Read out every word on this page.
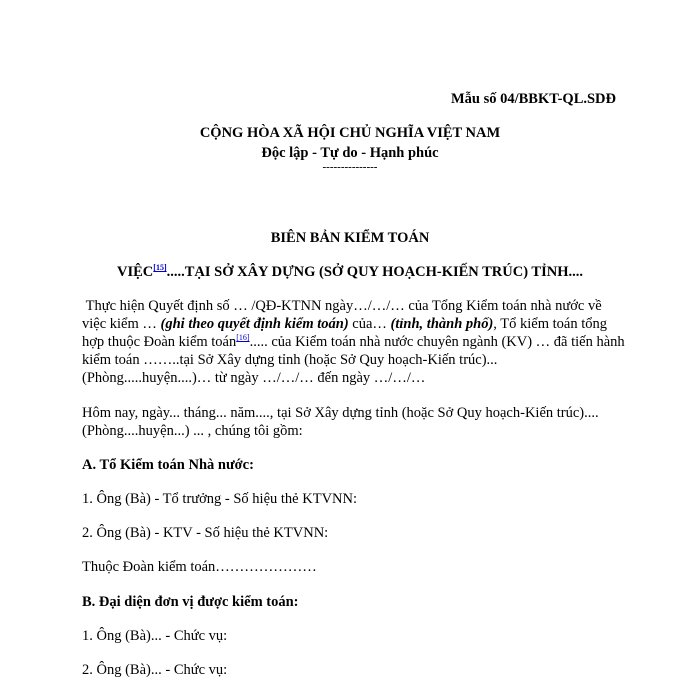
Mẫu số 04/BBKT-QL.SDĐ
CỘNG HÒA XÃ HỘI CHỦ NGHĨA VIỆT NAM
Độc lập - Tự do - Hạnh phúc
---------------
BIÊN BẢN KIỂM TOÁN
VIỆC[15].....TẠI SỞ XÂY DỰNG (SỞ QUY HOẠCH-KIẾN TRÚC) TỈNH....
Thực hiện Quyết định số … /QĐ-KTNN ngày…/…/… của Tổng Kiểm toán nhà nước về việc kiểm … (ghi theo quyết định kiểm toán) của… (tỉnh, thành phố), Tổ kiểm toán tổng hợp thuộc Đoàn kiểm toán[16]..... của Kiểm toán nhà nước chuyên ngành (KV) … đã tiến hành kiểm toán ……..tại Sở Xây dựng tỉnh (hoặc Sở Quy hoạch-Kiến trúc)... (Phòng.....huyện....)… từ ngày …/…/… đến ngày …/…/…
Hôm nay, ngày... tháng... năm...., tại Sở Xây dựng tỉnh (hoặc Sở Quy hoạch-Kiến trúc).... (Phòng....huyện...) ... , chúng tôi gồm:
A. Tổ Kiểm toán Nhà nước:
1. Ông (Bà) - Tổ trưởng - Số hiệu thẻ KTVNN:
2. Ông (Bà) - KTV - Số hiệu thẻ KTVNN:
Thuộc Đoàn kiểm toán…………………
B. Đại diện đơn vị được kiểm toán:
1. Ông (Bà)... - Chức vụ:
2. Ông (Bà)... - Chức vụ:
